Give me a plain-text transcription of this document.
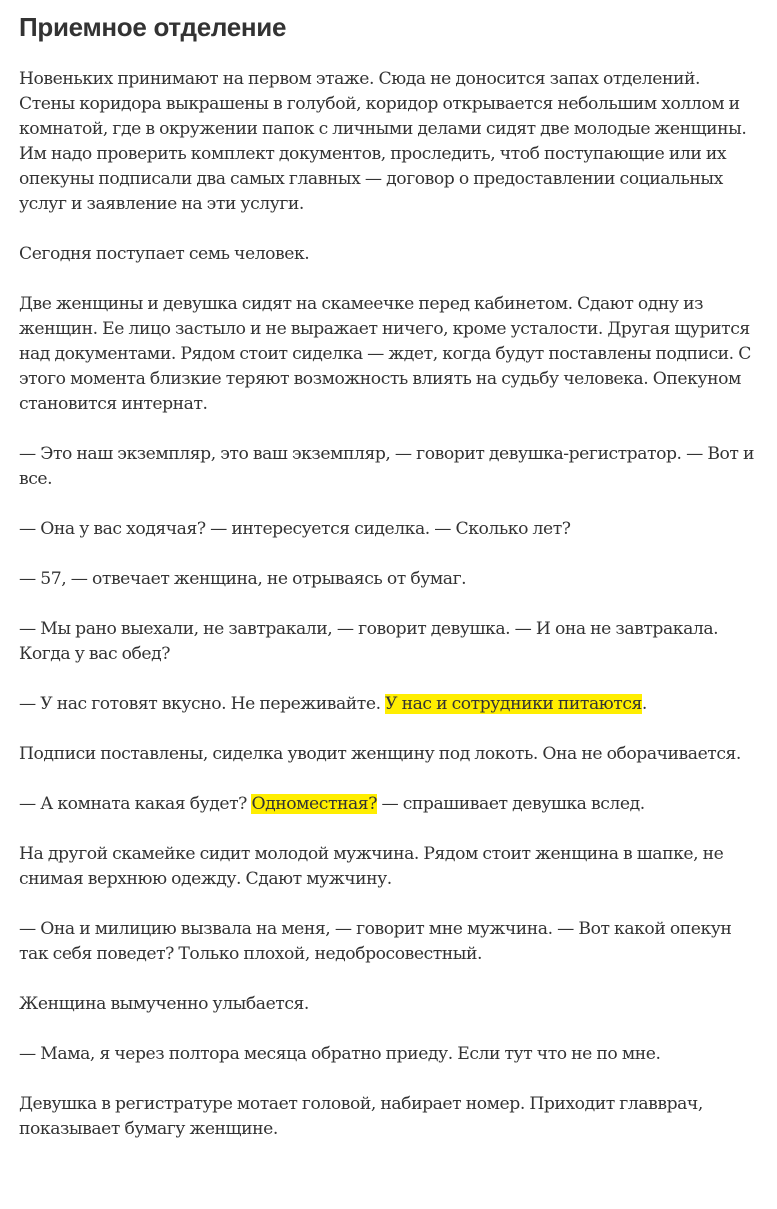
Приемное отделение

Новеньких принимают на первом этаже. Сюда не доносится запах отделений. Стены коридора выкрашены в голубой, коридор открывается небольшим холлом и комнатой, где в окружении папок с личными делами сидят две молодые женщины. Им надо проверить комплект документов, проследить, чтоб поступающие или их опекуны подписали два самых главных — договор о предоставлении социальных услуг и заявление на эти услуги.

Сегодня поступает семь человек.

Две женщины и девушка сидят на скамеечке перед кабинетом. Сдают одну из женщин. Ее лицо застыло и не выражает ничего, кроме усталости. Другая щурится над документами. Рядом стоит сиделка — ждет, когда будут поставлены подписи. С этого момента близкие теряют возможность влиять на судьбу человека. Опекуном становится интернат.

— Это наш экземпляр, это ваш экземпляр, — говорит девушка-регистратор. — Вот и все.

— Она у вас ходячая? — интересуется сиделка. — Сколько лет?

— 57, — отвечает женщина, не отрываясь от бумаг.

— Мы рано выехали, не завтракали, — говорит девушка. — И она не завтракала. Когда у вас обед?

— У нас готовят вкусно. Не переживайте. У нас и сотрудники питаются.

Подписи поставлены, сиделка уводит женщину под локоть. Она не оборачивается.

— А комната какая будет? Одноместная? — спрашивает девушка вслед.

На другой скамейке сидит молодой мужчина. Рядом стоит женщина в шапке, не снимая верхнюю одежду. Сдают мужчину.

— Она и милицию вызвала на меня, — говорит мне мужчина. — Вот какой опекун так себя поведет? Только плохой, недобросовестный.

Женщина вымученно улыбается.

— Мама, я через полтора месяца обратно приеду. Если тут что не по мне.

Девушка в регистратуре мотает головой, набирает номер. Приходит главврач, показывает бумагу женщине.
